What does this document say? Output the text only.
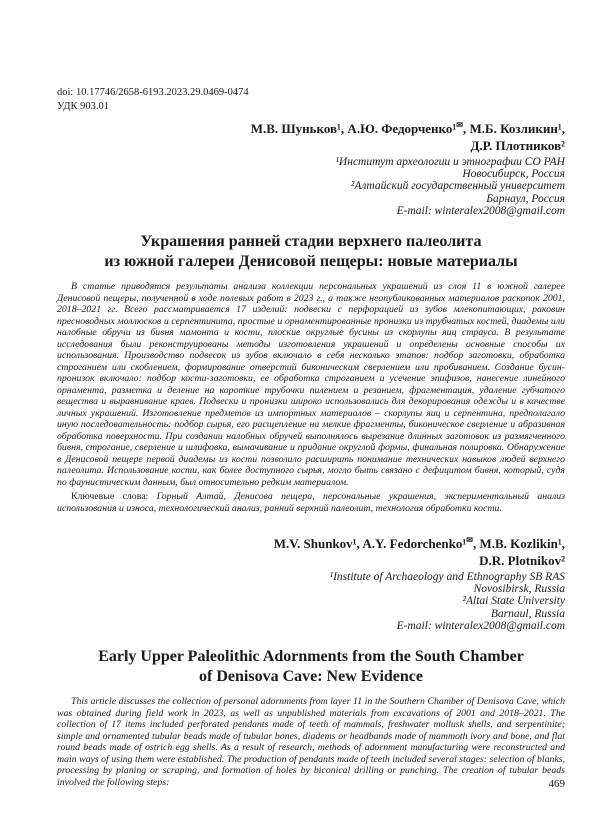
doi: 10.17746/2658-6193.2023.29.0469-0474
УДК 903.01

М.В. Шуньков¹, А.Ю. Федорченко¹✉, М.Б. Козликин¹,
Д.Р. Плотников²

¹Институт археологии и этнографии СО РАН
Новосибирск, Россия
²Алтайский государственный университет
Барнаул, Россия
E-mail: winteralex2008@gmail.com
Украшения ранней стадии верхнего палеолита
из южной галереи Денисовой пещеры: новые материалы

В статье приводятся результаты анализа коллекции персональных украшений из слоя 11 в южной галерее Денисовой пещеры, полученной в ходе полевых работ в 2023 г., а также неопубликованных материалов раскопок 2001, 2018–2021 гг. Всего рассматривается 17 изделий: подвески с перфорацией из зубов млекопитающих, раковин пресноводных моллюсков и серпентинита, простые и орнаментированные пронизки из трубчатых костей, диадемы или налобные обручи из бивня мамонта и кости, плоские округлые бусины из скорлупы яиц страуса. В результате исследования были реконструированы методы изготовления украшений и определены основные способы их использования. Производство подвесок из зубов включало в себя несколько этапов: подбор заготовки, обработка строганием или скоблением, формирование отверстий биконическим сверлением или пробиванием. Создание бусин-пронизок включало: подбор кости-заготовки, ее обработка строганием и усечение эпифизов, нанесение линейного орнамента, разметка и деление на короткие трубочки пилением и резанием, фрагментация, удаление губчатого вещества и выравнивание краев. Подвески и пронизки широко использовались для декорирования одежды и в качестве личных украшений. Изготовление предметов из импортных материалов – скорлупы яиц и серпентина, предполагало иную последовательность: подбор сырья, его расщепление на мелкие фрагменты, биконическое сверление и абразивная обработка поверхности. При создании налобных обручей выполнялось вырезание длинных заготовок из размягченного бивня, строгание, сверление и шлифовка, вымачивание и придание округлой формы, финальная полировка. Обнаружение в Денисовой пещере первой диадемы из кости позволило расширить понимание технических навыков людей верхнего палеолита. Использование кости, как более доступного сырья, могло быть связано с дефицитом бивня, который, судя по фаунистическим данным, был относительно редким материалом.

Ключевые слова: Горный Алтай, Денисова пещера, персональные украшения, экспериментальный анализ использования и износа, технологический анализ, ранний верхний палеолит, технология обработки кости.

M.V. Shunkov¹, A.Y. Fedorchenko¹✉, M.B. Kozlikin¹,
D.R. Plotnikov²

¹Institute of Archaeology and Ethnography SB RAS
Novosibirsk, Russia
²Altai State University
Barnaul, Russia
E-mail: winteralex2008@gmail.com
Early Upper Paleolithic Adornments from the South Chamber
of Denisova Cave: New Evidence

This article discusses the collection of personal adornments from layer 11 in the Southern Chamber of Denisova Cave, which was obtained during field work in 2023, as well as unpublished materials from excavations of 2001 and 2018–2021. The collection of 17 items included perforated pendants made of teeth of mammals, freshwater mollusk shells, and serpentinite; simple and ornamented tubular beads made of tubular bones, diadems or headbands made of mammoth ivory and bone, and flat round beads made of ostrich egg shells. As a result of research, methods of adornment manufacturing were reconstructed and main ways of using them were established. The production of pendants made of teeth included several stages: selection of blanks, processing by planing or scraping, and formation of holes by biconical drilling or punching. The creation of tubular beads involved the following steps:	469
